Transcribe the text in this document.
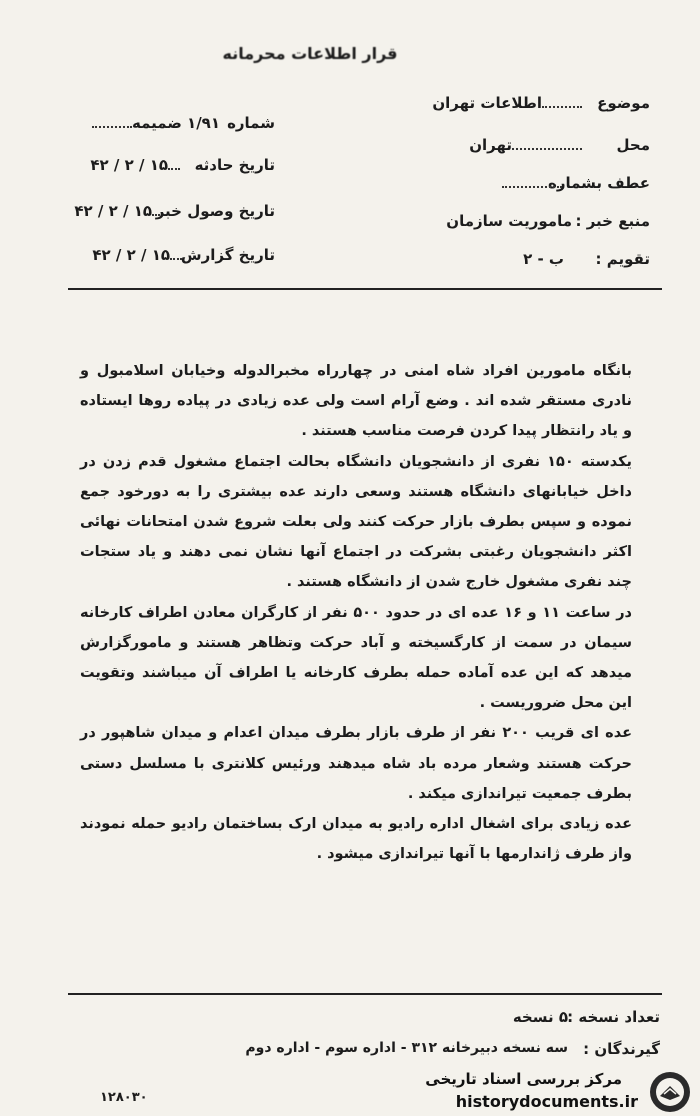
قرار اطلاعات محرمانه
موضوع
اطلاعات تهران
محل
تهران
عطف بشماره
منبع خبر :
ماموریت سازمان
تقویم :
ب - ۲
شماره
۱/۹۱ ضمیمه
تاریخ حادثه
۱۵ / ۲ / ۴۲
تاریخ وصول خبر
۱۵ / ۲ / ۴۲
تاریخ گزارش
۱۵ / ۲ / ۴۲

بانگاه مامورین افراد شاه امنی در چهارراه مخبرالدوله وخیابان اسلامبول و نادری مستقر شده اند . وضع آرام است ولی عده زیادی در پیاده روها ایستاده و یاد رانتظار پیدا کردن فرصت مناسب هستند .

یکدسته ۱۵۰ نفری از دانشجویان دانشگاه بحالت اجتماع مشغول قدم زدن در داخل خیابانهای دانشگاه هستند وسعی دارند عده بیشتری را به دورخود جمع نموده و سپس بطرف بازار حرکت کنند ولی بعلت شروع شدن امتحانات نهائی اکثر دانشجویان رغبتی بشرکت در اجتماع آنها نشان نمی دهند و یاد ستجات چند نفری مشغول خارج شدن از دانشگاه هستند .

در ساعت ۱۱ و ۱۶ عده ای در حدود ۵۰۰ نفر از کارگران معادن اطراف کارخانه سیمان در سمت از کارگسیخته و آباد حرکت وتظاهر هستند و مامورگزارش میدهد که این عده آماده حمله بطرف کارخانه یا اطراف آن میباشند وتقویت این محل ضروریست .

عده ای قریب ۲۰۰ نفر از طرف بازار بطرف میدان اعدام و میدان شاهپور در حرکت هستند وشعار مرده باد شاه میدهند ورئیس کلانتری با مسلسل دستی بطرف جمعیت تیراندازی میکند .

عده زیادی برای اشغال اداره رادیو به میدان ارک بساختمان رادیو حمله نمودند واز طرف ژاندارمها با آنها تیراندازی میشود .

تعداد نسخه :
۵ نسخه
گیرندگان :
سه نسخه دبیرخانه ۳۱۲ - اداره سوم - اداره دوم
۱۲۸۰۳۰
مرکز بررسی اسناد تاریخی
historydocuments.ir
